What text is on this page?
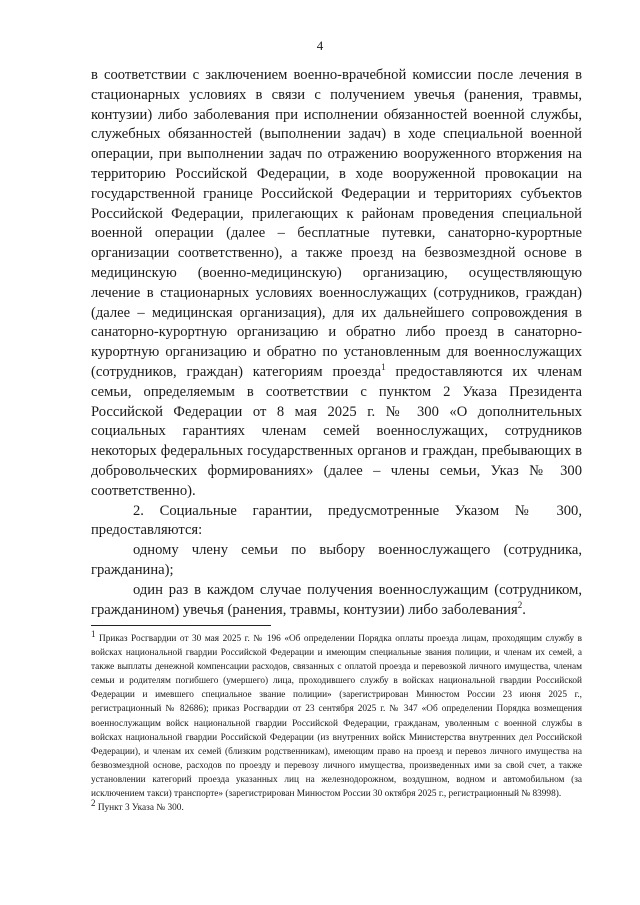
4

в соответствии с заключением военно-врачебной комиссии после лечения в стационарных условиях в связи с получением увечья (ранения, травмы, контузии) либо заболевания при исполнении обязанностей военной службы, служебных обязанностей (выполнении задач) в ходе специальной военной операции, при выполнении задач по отражению вооруженного вторжения на территорию Российской Федерации, в ходе вооруженной провокации на государственной границе Российской Федерации и территориях субъектов Российской Федерации, прилегающих к районам проведения специальной военной операции (далее – бесплатные путевки, санаторно-курортные организации соответственно), а также проезд на безвозмездной основе в медицинскую (военно-медицинскую) организацию, осуществляющую лечение в стационарных условиях военнослужащих (сотрудников, граждан) (далее – медицинская организация), для их дальнейшего сопровождения в санаторно-курортную организацию и обратно либо проезд в санаторно-курортную организацию и обратно по установленным для военнослужащих (сотрудников, граждан) категориям проезда$^1$ предоставляются их членам семьи, определяемым в соответствии с пунктом 2 Указа Президента Российской Федерации от 8 мая 2025 г. № 300 «О дополнительных социальных гарантиях членам семей военнослужащих, сотрудников некоторых федеральных государственных органов и граждан, пребывающих в добровольческих формированиях» (далее – члены семьи, Указ № 300 соответственно).

2. Социальные гарантии, предусмотренные Указом № 300, предоставляются:

одному члену семьи по выбору военнослужащего (сотрудника, гражданина);

один раз в каждом случае получения военнослужащим (сотрудником, гражданином) увечья (ранения, травмы, контузии) либо заболевания$^2$.

$^1$ Приказ Росгвардии от 30 мая 2025 г. № 196 «Об определении Порядка оплаты проезда лицам, проходящим службу в войсках национальной гвардии Российской Федерации и имеющим специальные звания полиции, и членам их семей, а также выплаты денежной компенсации расходов, связанных с оплатой проезда и перевозкой личного имущества, членам семьи и родителям погибшего (умершего) лица, проходившего службу в войсках национальной гвардии Российской Федерации и имевшего специальное звание полиции» (зарегистрирован Минюстом России 23 июня 2025 г., регистрационный № 82686); приказ Росгвардии от 23 сентября 2025 г. № 347 «Об определении Порядка возмещения военнослужащим войск национальной гвардии Российской Федерации, гражданам, уволенным с военной службы в войсках национальной гвардии Российской Федерации (из внутренних войск Министерства внутренних дел Российской Федерации), и членам их семей (близким родственникам), имеющим право на проезд и перевоз личного имущества на безвозмездной основе, расходов по проезду и перевозу личного имущества, произведенных ими за свой счет, а также установлении категорий проезда указанных лиц на железнодорожном, воздушном, водном и автомобильном (за исключением такси) транспорте» (зарегистрирован Минюстом России 30 октября 2025 г., регистрационный № 83998).

$^2$ Пункт 3 Указа № 300.
